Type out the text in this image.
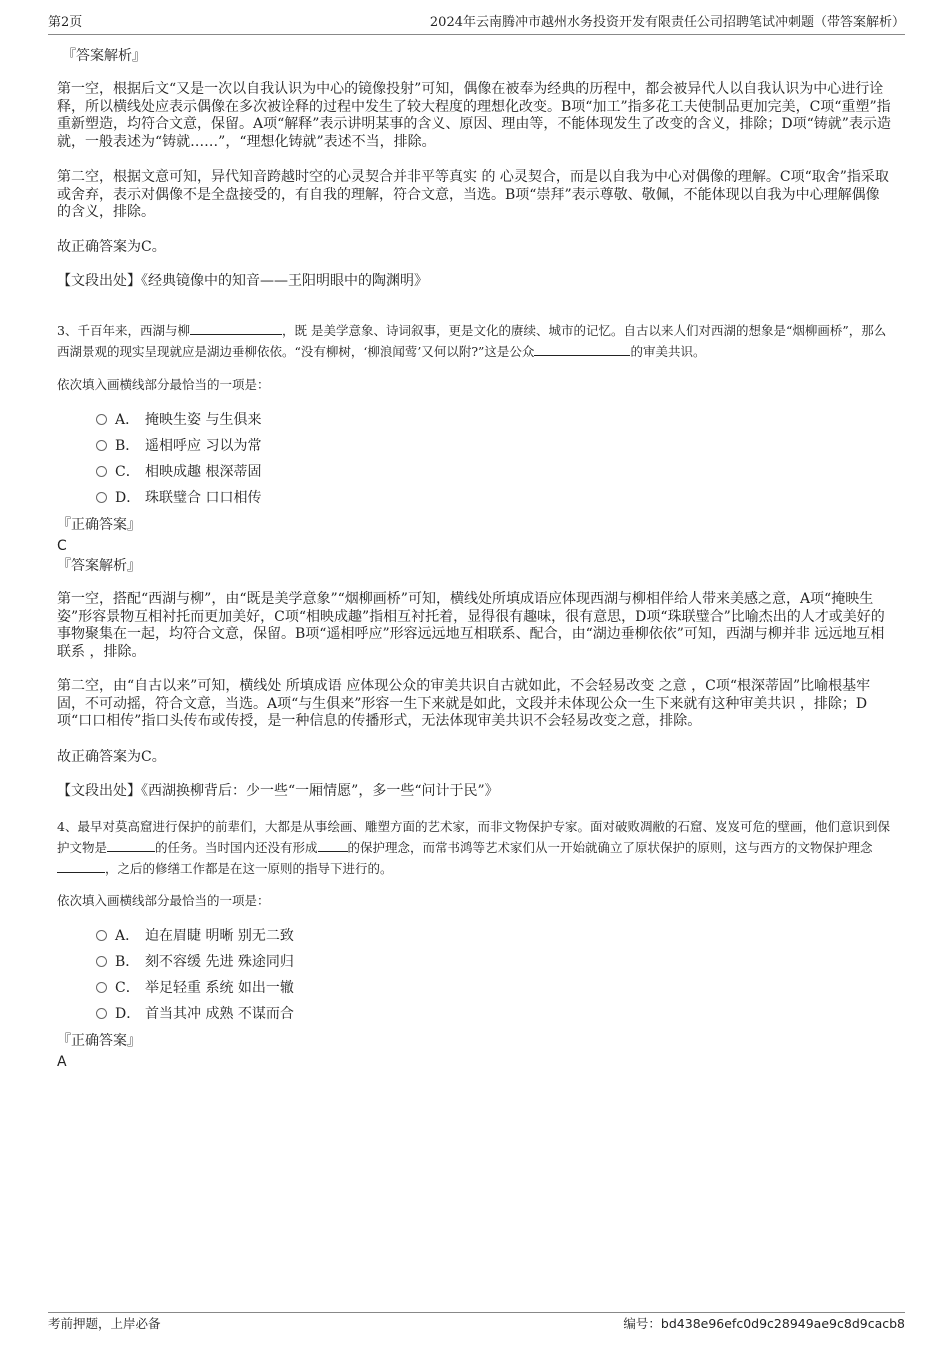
第2页	2024年云南腾冲市越州水务投资开发有限责任公司招聘笔试冲刺题（带答案解析）
『答案解析』

第一空，根据后文“又是一次以自我认识为中心的镜像投射”可知，偶像在被奉为经典的历程中，都会被异代人以自我认识为中心进行诠释，所以横线处应表示偶像在多次被诠释的过程中发生了较大程度的理想化改变。B项“加工”指多花工夫使制品更加完美，C项“重塑”指重新塑造，均符合文意，保留。A项“解释”表示讲明某事的含义、原因、理由等，不能体现发生了改变的含义，排除；D项“铸就”表示造就，一般表述为“铸就……”，“理想化铸就”表述不当，排除。

第二空，根据文意可知，异代知音跨越时空的心灵契合并非平等真实 的 心灵契合，而是以自我为中心对偶像的理解。C项“取舍”指采取或舍弃，表示对偶像不是全盘接受的，有自我的理解，符合文意，当选。B项“崇拜”表示尊敬、敬佩，不能体现以自我为中心理解偶像的含义，排除。

故正确答案为C。

【文段出处】《经典镜像中的知音——王阳明眼中的陶渊明》

3、千百年来，西湖与柳	，既 是美学意象、诗词叙事，更是文化的赓续、城市的记忆。自古以来人们对西湖的想象是“烟柳画桥”，那么西湖景观的现实呈现就应是湖边垂柳依依。“没有柳树，‘柳浪闻莺’又何以附?”这是公众	的审美共识。

依次填入画横线部分最恰当的一项是：

A． 掩映生姿 与生俱来
B． 遥相呼应 习以为常
C． 相映成趣 根深蒂固
D． 珠联璧合 口口相传
『正确答案』
C
『答案解析』

第一空，搭配“西湖与柳”，由“既是美学意象”“烟柳画桥”可知，横线处所填成语应体现西湖与柳相伴给人带来美感之意，A项“掩映生姿”形容景物互相衬托而更加美好，C项“相映成趣”指相互衬托着，显得很有趣味，很有意思，D项“珠联璧合”比喻杰出的人才或美好的事物聚集在一起，均符合文意，保留。B项“遥相呼应”形容远远地互相联系、配合，由“湖边垂柳依依”可知，西湖与柳并非 远远地互相联系 ，排除。

第二空，由“自古以来”可知，横线处 所填成语 应体现公众的审美共识自古就如此，不会轻易改变 之意 ，C项“根深蒂固”比喻根基牢固，不可动摇，符合文意，当选。A项“与生俱来”形容一生下来就是如此，文段并未体现公众一生下来就有这种审美共识 ，排除；D项“口口相传”指口头传布或传授，是一种信息的传播形式，无法体现审美共识不会轻易改变之意，排除。

故正确答案为C。

【文段出处】《西湖换柳背后：少一些“一厢情愿”，多一些“问计于民”》

4、最早对莫高窟进行保护的前辈们，大都是从事绘画、雕塑方面的艺术家，而非文物保护专家。面对破败凋敝的石窟、岌岌可危的壁画，他们意识到保护文物是	的任务。当时国内还没有形成 的保护理念，而常书鸿等艺术家们从一开始就确立了原状保护的原则，这与西方的文物保护理念，之后的修缮工作都是在这一原则的指导下进行的。

依次填入画横线部分最恰当的一项是：

A． 迫在眉睫 明晰 别无二致
B． 刻不容缓 先进 殊途同归
C． 举足轻重 系统 如出一辙
D． 首当其冲 成熟 不谋而合
『正确答案』
A
考前押题，上岸必备	编号：bd438e96efc0d9c28949ae9c8d9cacb8
